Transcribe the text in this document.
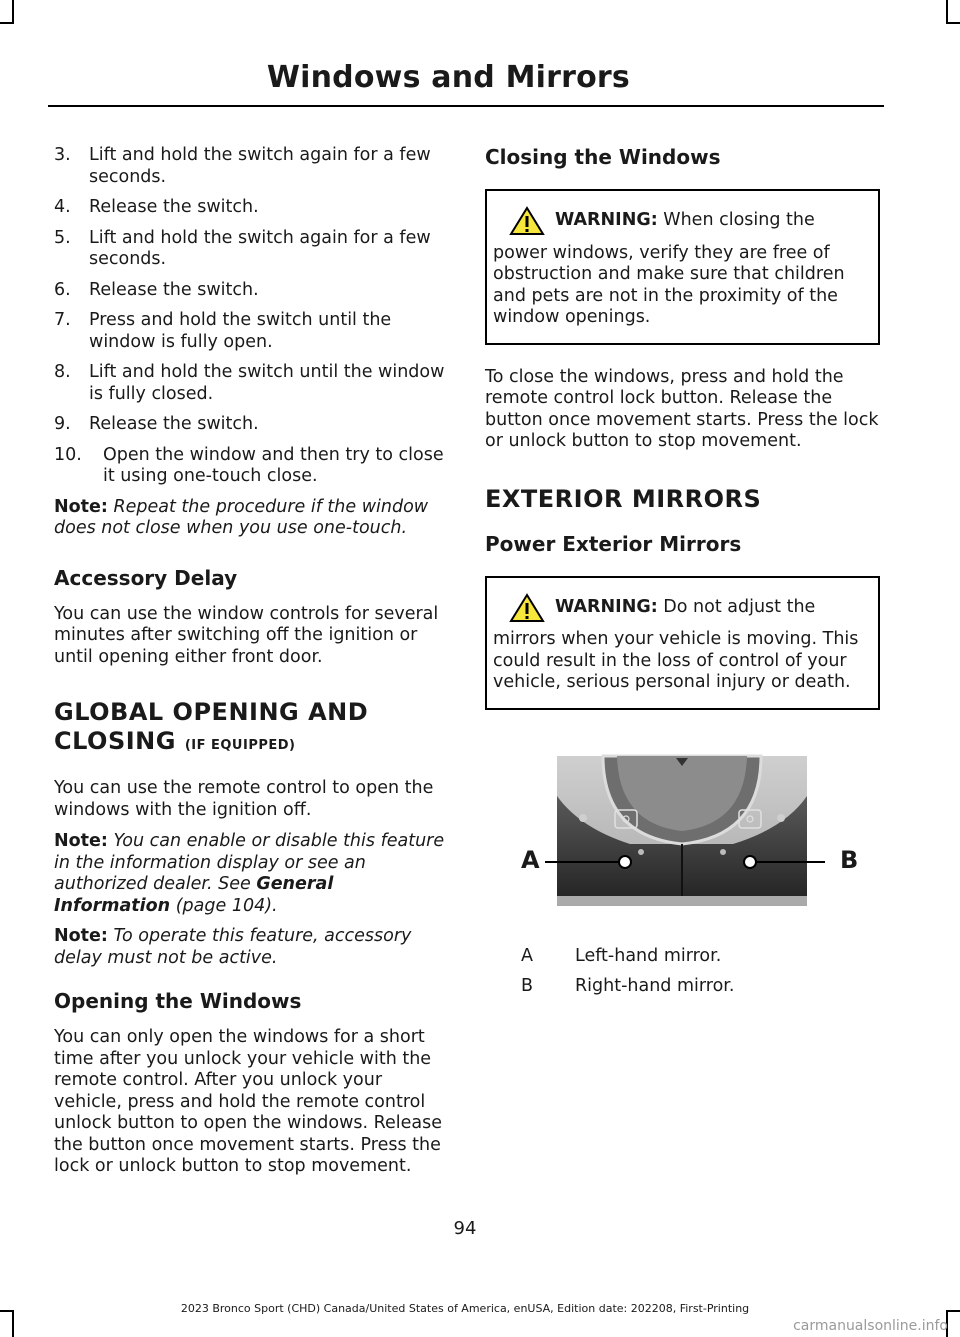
Windows and Mirrors
3. Lift and hold the switch again for a few seconds.
4. Release the switch.
5. Lift and hold the switch again for a few seconds.
6. Release the switch.
7. Press and hold the switch until the window is fully open.
8. Lift and hold the switch until the window is fully closed.
9. Release the switch.
10. Open the window and then try to close it using one-touch close.

Note: Repeat the procedure if the window does not close when you use one-touch.

Accessory Delay

You can use the window controls for several minutes after switching off the ignition or until opening either front door.

GLOBAL OPENING AND
CLOSING (IF EQUIPPED)

You can use the remote control to open the windows with the ignition off.

Note: You can enable or disable this feature in the information display or see an authorized dealer. See General Information (page 104).

Note: To operate this feature, accessory delay must not be active.

Opening the Windows

You can only open the windows for a short time after you unlock your vehicle with the remote control. After you unlock your vehicle, press and hold the remote control unlock button to open the windows. Release the button once movement starts. Press the lock or unlock button to stop movement.

Closing the Windows
WARNING: When closing the
power windows, verify they are free of obstruction and make sure that children and pets are not in the proximity of the window openings.

To close the windows, press and hold the remote control lock button. Release the button once movement starts. Press the lock or unlock button to stop movement.

EXTERIOR MIRRORS
Power Exterior Mirrors
WARNING: Do not adjust the
mirrors when your vehicle is moving. This could result in the loss of control of your vehicle, serious personal injury or death.
A	B
A Left-hand mirror.
B Right-hand mirror.
94
2023 Bronco Sport (CHD) Canada/United States of America, enUSA, Edition date: 202208, First-Printing
carmanualsonline.info
